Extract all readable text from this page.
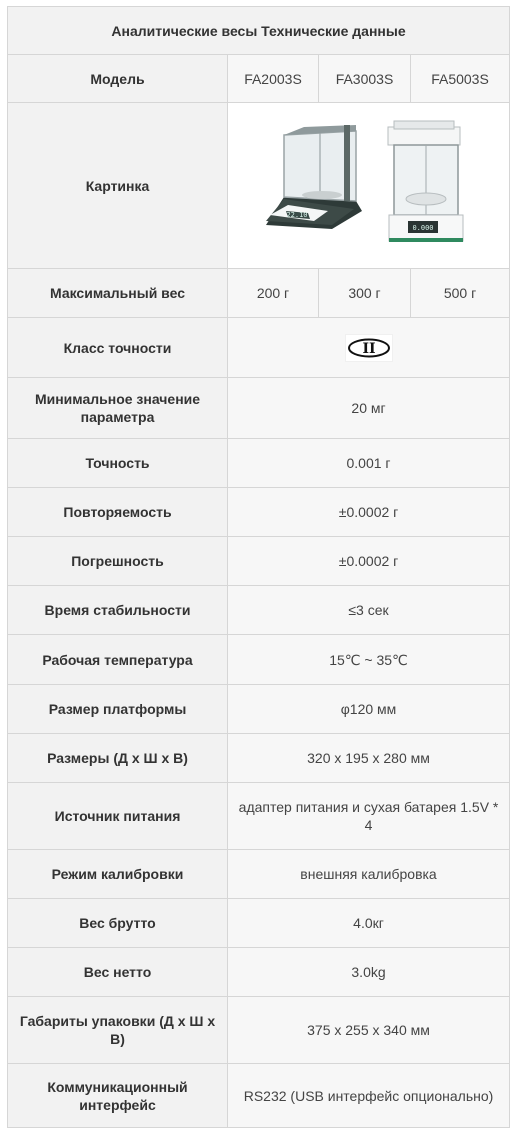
Аналитические весы Технические данные			
Модель	FA2003S	FA3003S	FA5003S
Картинка	22.10
0.000		

Максимальный вес	200 г	300 г	500 г
Класс точности	II		

Минимальное значение параметра	20 мг		
Точность	0.001 г		
Повторяемость	±0.0002 г		
Погрешность	±0.0002 г		
Время стабильности	≤3 сек		
Рабочая температура	15℃ ~ 35℃		
Размер платформы	φ120 мм		
Размеры (Д х Ш х В)	320 x 195 x 280 мм		
Источник питания	адаптер питания и сухая батарея 1.5V * 4		
Режим калибровки	внешняя калибровка		
Вес брутто	4.0кг		
Вес нетто	3.0kg		
Габариты упаковки (Д х Ш х В)	375 x 255 x 340 мм		
Коммуникационный интерфейс	RS232 (USB интерфейс опционально)		
